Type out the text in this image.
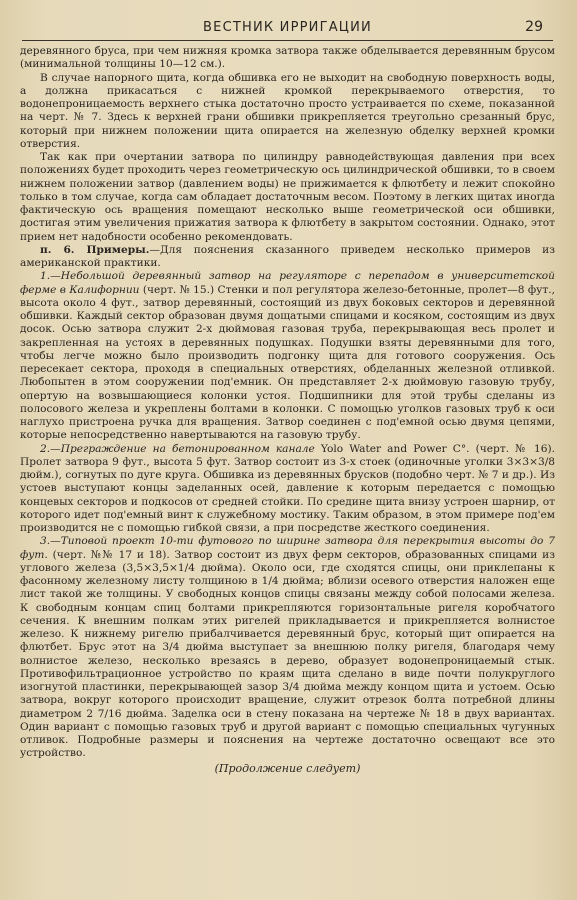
ВЕСТНИК ИРРИГАЦИИ	29

деревянного бруса, при чем нижняя кромка затвора также обделывается деревянным брусом (минимальной толщины 10—12 см.).

В случае напорного щита, когда обшивка его не выходит на свободную поверхность воды, а должна прикасаться с нижней кромкой перекрываемого отверстия, то водонепроницаемость верхнего стыка достаточно просто устраивается по схеме, показанной на черт. № 7. Здесь к верхней грани обшивки прикрепляется треугольно срезанный брус, который при нижнем положении щита опирается на железную обделку верхней кромки отверстия.

Так как при очертании затвора по цилиндру равнодействующая давления при всех положениях будет проходить через геометрическую ось цилиндрической обшивки, то в своем нижнем положении затвор (давлением воды) не прижимается к флютбету и лежит спокойно только в том случае, когда сам обладает достаточным весом. Поэтому в легких щитах иногда фактическую ось вращения помещают несколько выше геометрической оси обшивки, достигая этим увеличения прижатия затвора к флютбету в закрытом состоянии. Однако, этот прием нет надобности особенно рекомендовать.

п. 6. Примеры.—Для пояснения сказанного приведем несколько примеров из американской практики.

1.—Небольшой деревянный затвор на регуляторе с перепадом в университетской ферме в Калифорнии (черт. № 15.) Стенки и пол регулятора железо-бетонные, пролет—8 фут., высота около 4 фут., затвор деревянный, состоящий из двух боковых секторов и деревянной обшивки. Каждый сектор образован двумя дощатыми спицами и косяком, состоящим из двух досок. Осью затвора служит 2-х дюймовая газовая труба, перекрывающая весь пролет и закрепленная на устоях в деревянных подушках. Подушки взяты деревянными для того, чтобы легче можно было производить подгонку щита для готового сооружения. Ось пересекает сектора, проходя в специальных отверстиях, обделанных железной отливкой. Любопытен в этом сооружении под'емник. Он представляет 2-х дюймовую газовую трубу, опертую на возвышающиеся колонки устоя. Подшипники для этой трубы сделаны из полосового железа и укреплены болтами в колонки. С помощью уголков газовых труб к оси наглухо пристроена ручка для вращения. Затвор соединен с под'емной осью двумя цепями, которые непосредственно навертываются на газовую трубу.

2.—Преграждение на бетонированном канале Yolo Water and Power C°. (черт. № 16). Пролет затвора 9 фут., высота 5 фут. Затвор состоит из 3-х стоек (одиночные уголки 3×3×3/8 дюйм.), согнутых по дуге круга. Обшивка из деревянных брусков (подобно черт. № 7 и др.). Из устоев выступают концы заделанных осей, давление к которым передается с помощью концевых секторов и подкосов от средней стойки. По средине щита внизу устроен шарнир, от которого идет под'емный винт к служебному мостику. Таким образом, в этом примере под'ем производится не с помощью гибкой связи, а при посредстве жесткого соединения.

3.—Типовой проект 10-ти футового по ширине затвора для перекрытия высоты до 7 фут. (черт. №№ 17 и 18). Затвор состоит из двух ферм секторов, образованных спицами из углового железа (3,5×3,5×1/4 дюйма). Около оси, где сходятся спицы, они приклепаны к фасонному железному листу толщиною в 1/4 дюйма; вблизи осевого отверстия наложен еще лист такой же толщины. У свободных концов спицы связаны между собой полосами железа. К свободным концам спиц болтами прикрепляются горизонтальные ригеля коробчатого сечения. К внешним полкам этих ригелей прикладывается и прикрепляется волнистое железо. К нижнему ригелю прибалчивается деревянный брус, который щит опирается на флютбет. Брус этот на 3/4 дюйма выступает за внешнюю полку ригеля, благодаря чему волнистое железо, несколько врезаясь в дерево, образует водонепроницаемый стык. Противофильтрационное устройство по краям щита сделано в виде почти полукруглого изогнутой пластинки, перекрывающей зазор 3/4 дюйма между концом щита и устоем. Осью затвора, вокруг которого происходит вращение, служит отрезок болта потребной длины диаметром 2 7/16 дюйма. Заделка оси в стену показана на чертеже № 18 в двух вариантах. Один вариант с помощью газовых труб и другой вариант с помощью специальных чугунных отливок. Подробные размеры и пояснения на чертеже достаточно освещают все это устройство.

(Продолжение следует)
